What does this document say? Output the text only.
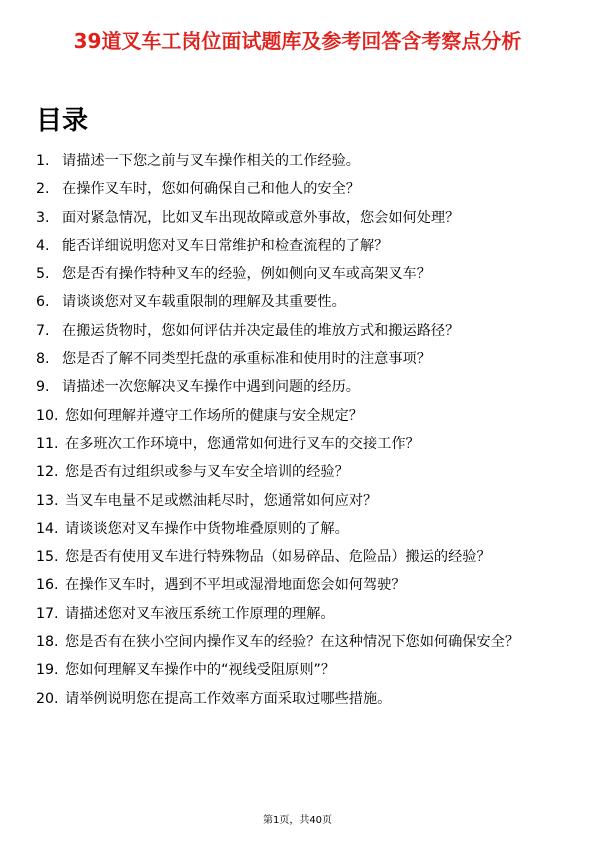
39道叉车工岗位面试题库及参考回答含考察点分析
目录
1. 请描述一下您之前与叉车操作相关的工作经验。
2. 在操作叉车时，您如何确保自己和他人的安全？
3. 面对紧急情况，比如叉车出现故障或意外事故，您会如何处理？
4. 能否详细说明您对叉车日常维护和检查流程的了解？
5. 您是否有操作特种叉车的经验，例如侧向叉车或高架叉车？
6. 请谈谈您对叉车载重限制的理解及其重要性。
7. 在搬运货物时，您如何评估并决定最佳的堆放方式和搬运路径？
8. 您是否了解不同类型托盘的承重标准和使用时的注意事项？
9. 请描述一次您解决叉车操作中遇到问题的经历。
10. 您如何理解并遵守工作场所的健康与安全规定？
11. 在多班次工作环境中，您通常如何进行叉车的交接工作？
12. 您是否有过组织或参与叉车安全培训的经验？
13. 当叉车电量不足或燃油耗尽时，您通常如何应对？
14. 请谈谈您对叉车操作中货物堆叠原则的了解。
15. 您是否有使用叉车进行特殊物品（如易碎品、危险品）搬运的经验？
16. 在操作叉车时，遇到不平坦或湿滑地面您会如何驾驶？
17. 请描述您对叉车液压系统工作原理的理解。
18. 您是否有在狭小空间内操作叉车的经验？在这种情况下您如何确保安全？
19. 您如何理解叉车操作中的“视线受阻原则”？
20. 请举例说明您在提高工作效率方面采取过哪些措施。
第1页，共40页
